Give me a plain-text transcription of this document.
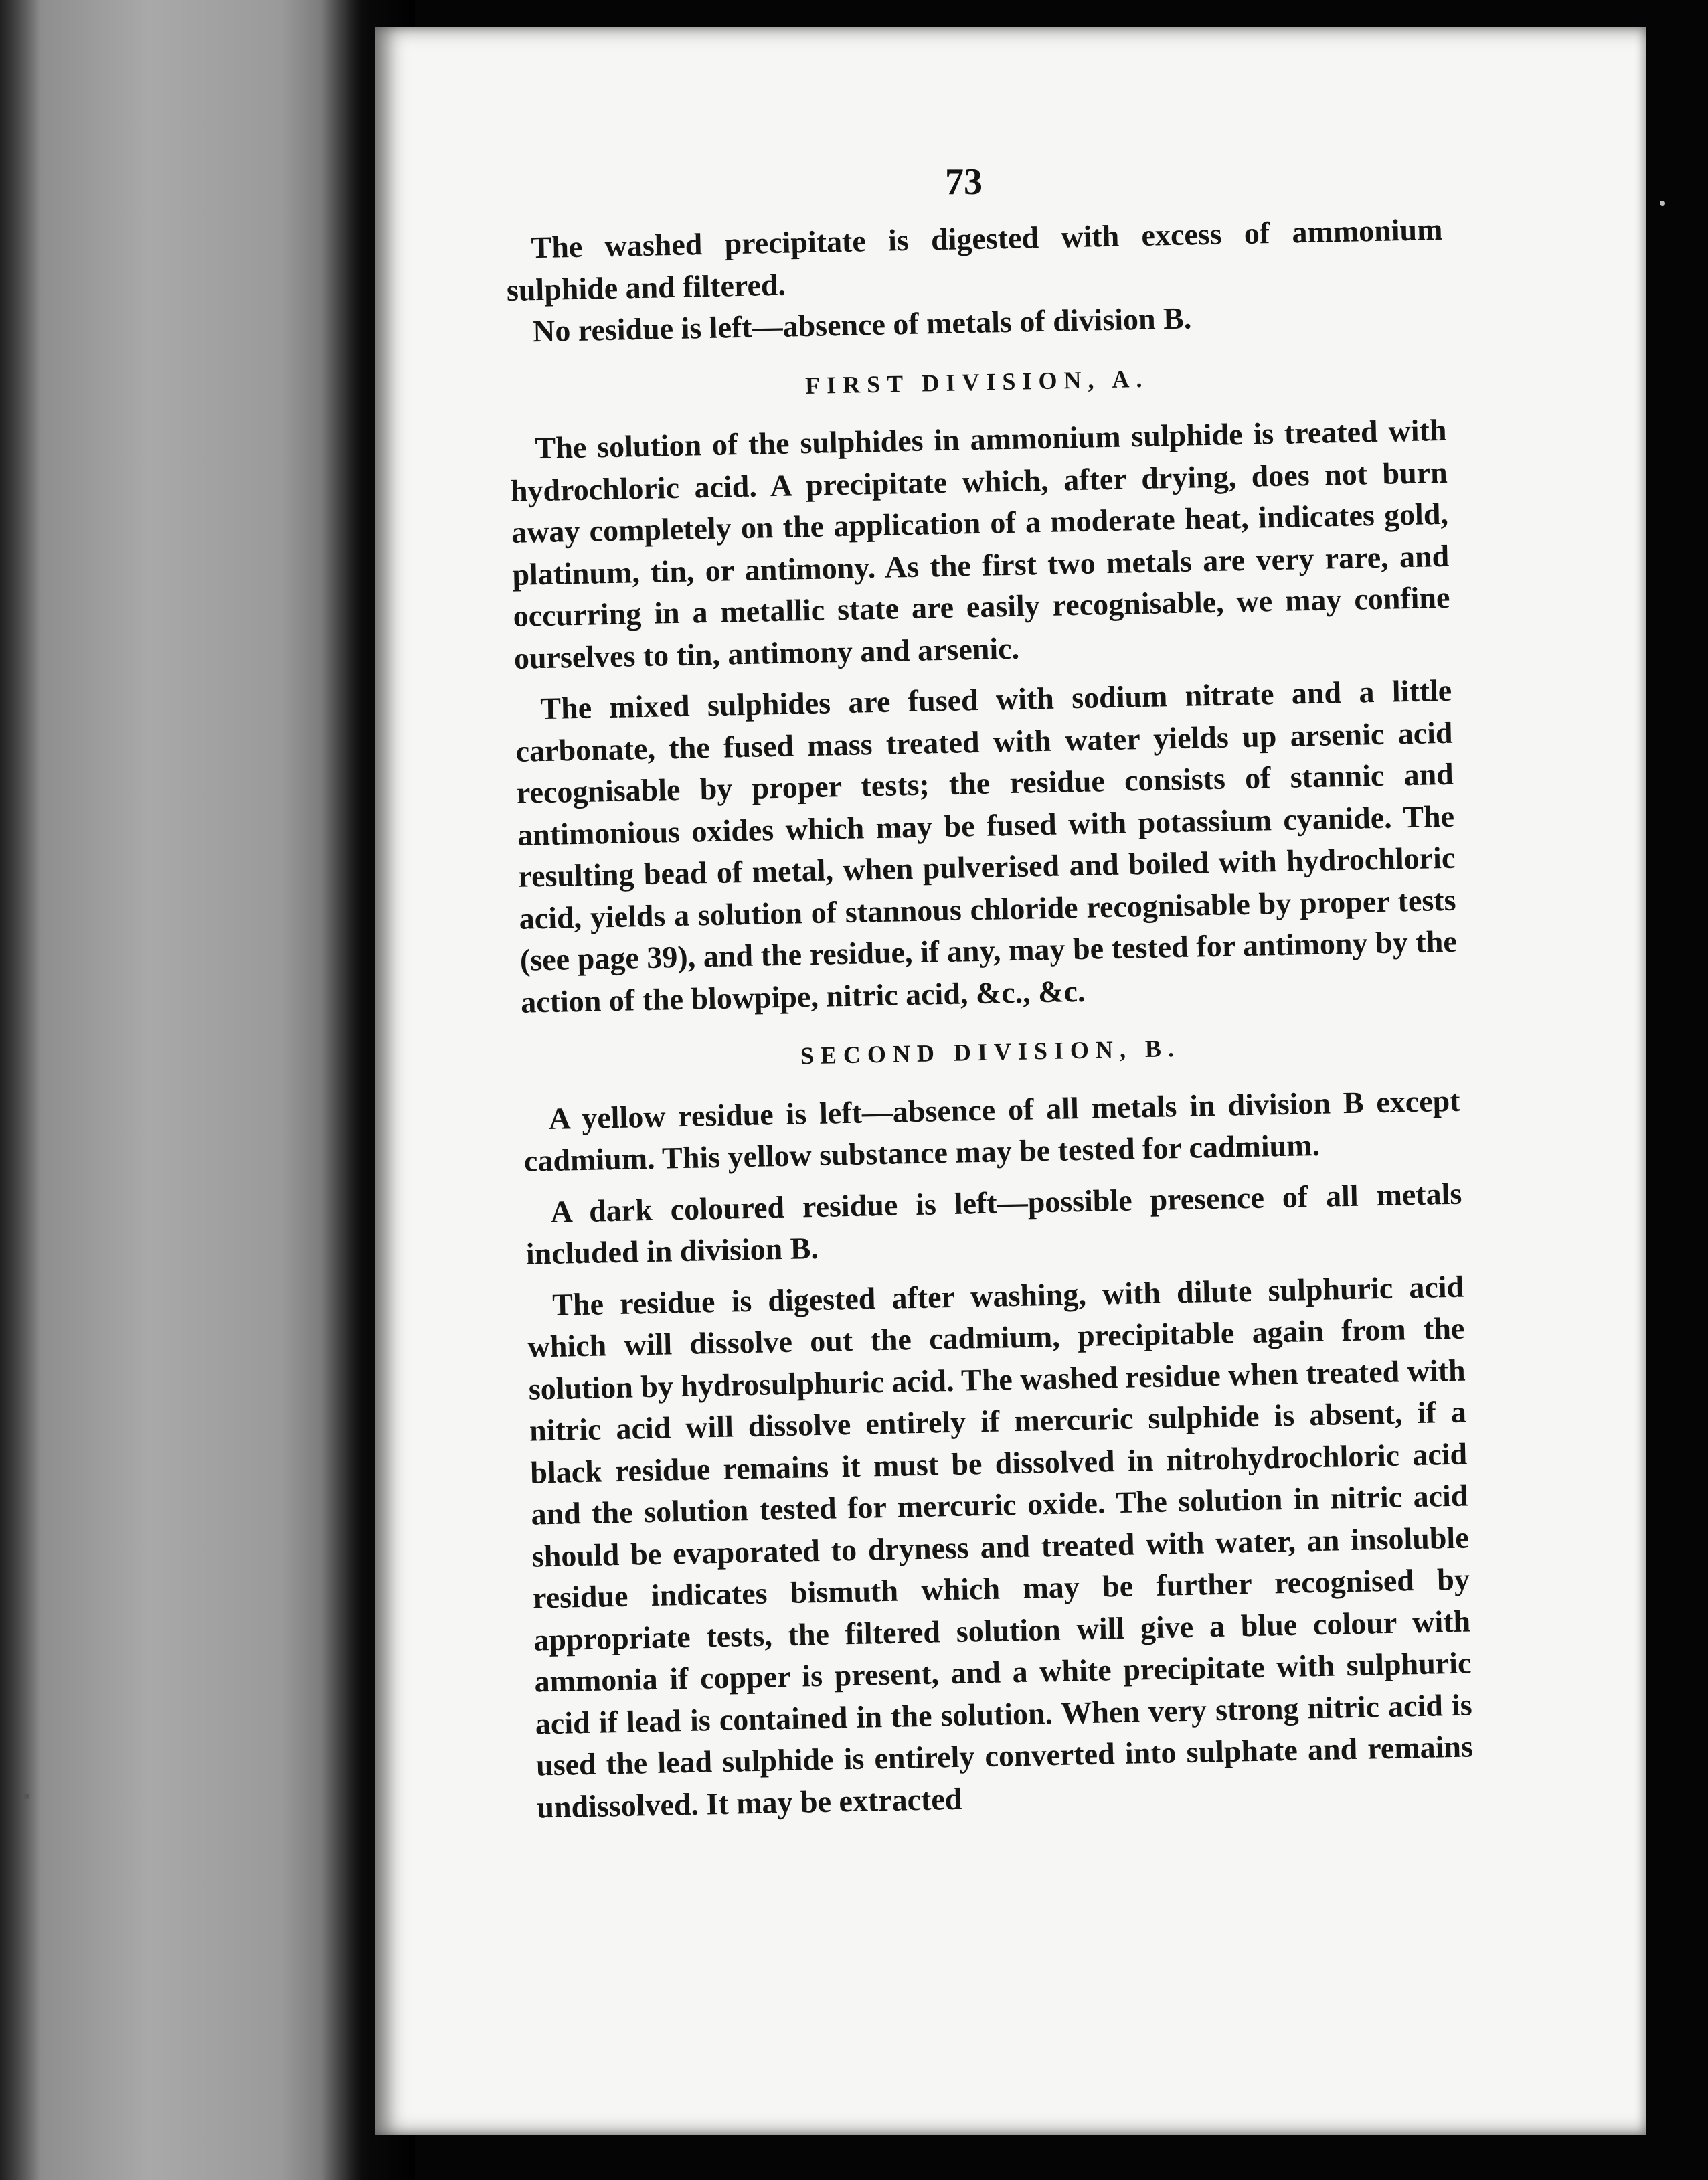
73

The washed precipitate is digested with excess of ammonium sulphide and filtered.

No residue is left—absence of metals of division B.

FIRST DIVISION, A.

The solution of the sulphides in ammonium sulphide is treated with hydrochloric acid. A precipitate which, after drying, does not burn away completely on the application of a moderate heat, indicates gold, platinum, tin, or antimony. As the first two metals are very rare, and occurring in a metallic state are easily recognisable, we may confine ourselves to tin, antimony and arsenic.

The mixed sulphides are fused with sodium nitrate and a little carbonate, the fused mass treated with water yields up arsenic acid recognisable by proper tests; the residue consists of stannic and antimonious oxides which may be fused with potassium cyanide. The resulting bead of metal, when pulverised and boiled with hydrochloric acid, yields a solution of stannous chloride recognisable by proper tests (see page 39), and the residue, if any, may be tested for antimony by the action of the blowpipe, nitric acid, &c., &c.

SECOND DIVISION, B.

A yellow residue is left—absence of all metals in division B except cadmium. This yellow substance may be tested for cadmium.

A dark coloured residue is left—possible presence of all metals included in division B.

The residue is digested after washing, with dilute sulphuric acid which will dissolve out the cadmium, precipitable again from the solution by hydrosulphuric acid. The washed residue when treated with nitric acid will dissolve entirely if mercuric sulphide is absent, if a black residue remains it must be dissolved in nitrohydrochloric acid and the solution tested for mercuric oxide. The solution in nitric acid should be evaporated to dryness and treated with water, an insoluble residue indicates bismuth which may be further recognised by appropriate tests, the filtered solution will give a blue colour with ammonia if copper is present, and a white precipitate with sulphuric acid if lead is contained in the solution. When very strong nitric acid is used the lead sulphide is entirely converted into sulphate and remains undissolved. It may be extracted
